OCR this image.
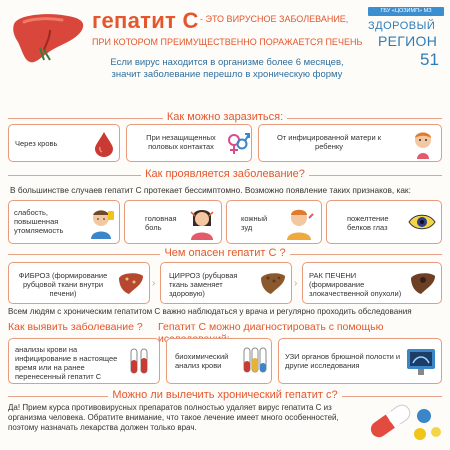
гепатит С - ЭТО ВИРУСНОЕ ЗАБОЛЕВАНИЕ,
ПРИ КОТОРОМ ПРЕИМУЩЕСТВЕННО ПОРАЖАЕТСЯ ПЕЧЕНЬ
Если вирус находится в организме более 6 месяцев,
значит заболевание перешло в хроническую форму
ГБУ «ЦОЗИМП» МЗ
ЗДОРОВЫЙ
РЕГИОН
51
Как можно заразиться:
Через кровь
При незащищенных половых контактах
От инфицированной матери к ребенку
Как проявляется заболевание?
В большинстве случаев гепатит С протекает бессимптомно. Возможно появление таких признаков, как:
слабость, повышенная утомляемость
головная боль
кожный зуд
пожелтение белков глаз
Чем опасен гепатит С ?
ФИБРОЗ (формирование рубцовой ткани внутри печени)
›
ЦИРРОЗ (рубцовая ткань заменяет здоровую)
›
РАК ПЕЧЕНИ (формирование злокачественной опухоли)
Всем людям с хроническим гепатитом С важно наблюдаться у врача и регулярно проходить обследования
Как выявить заболевание ? Гепатит С можно диагностировать с помощью
анализы крови на инфицирование в настоящее время или на ранее перенесенный гепатит С
биохимический анализ крови
УЗИ органов брюшной полости и другие исследования
Можно ли вылечить хронический гепатит с?
Да! Прием курса противовирусных препаратов полностью удаляет вирус гепатита С из организма человека. Обратите внимание, что такое лечение имеет много особенностей, поэтому назначать лекарства должен только врач.
